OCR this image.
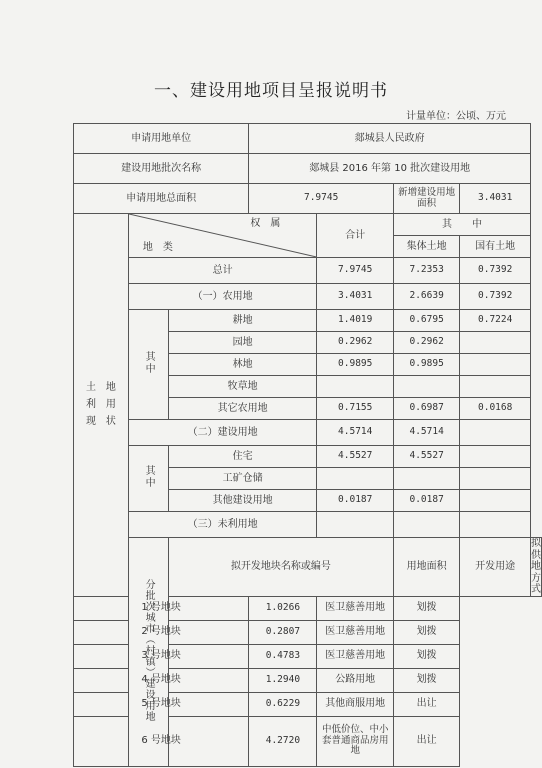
一、建设用地项目呈报说明书
计量单位：公顷、万元
申请用地单位			郯城县人民政府				
建设用地批次名称			郯城县 2016 年第 10 批次建设用地				
申请用地总面积			7.9745		新增建设用地面积	3.4031	

土　地
利　用
现　状	权　属
地　类			合计	其　　中		
					集体土地	国有土地	
	总计			7.9745	7.2353	0.7392	
	（一）农用地			3.4031	2.6639	0.7392	
	其中	耕地		1.4019	0.6795	0.7224	
		园地		0.2962	0.2962		
		林地		0.9895	0.9895		
		牧草地					
		其它农用地		0.7155	0.6987	0.0168	
	（二）建设用地			4.5714	4.5714		
	其中	住宅		4.5527	4.5527		
		工矿仓储					
		其他建设用地		0.0187	0.0187		
	（三）未利用地						
	分批次城市（村镇）建设用地	拟开发地块名称或编号			用地面积	开发用途	拟供地方式
1 号地块			1.0266	医卫慈善用地	划拨		
2 号地块			0.2807	医卫慈善用地	划拨		
3 号地块			0.4783	医卫慈善用地	划拨		
4 号地块			1.2940	公路用地	划拨		
5 号地块			0.6229	其他商服用地	出让		
6 号地块			4.2720	中低价位、中小套普通商品房用地	出让		
